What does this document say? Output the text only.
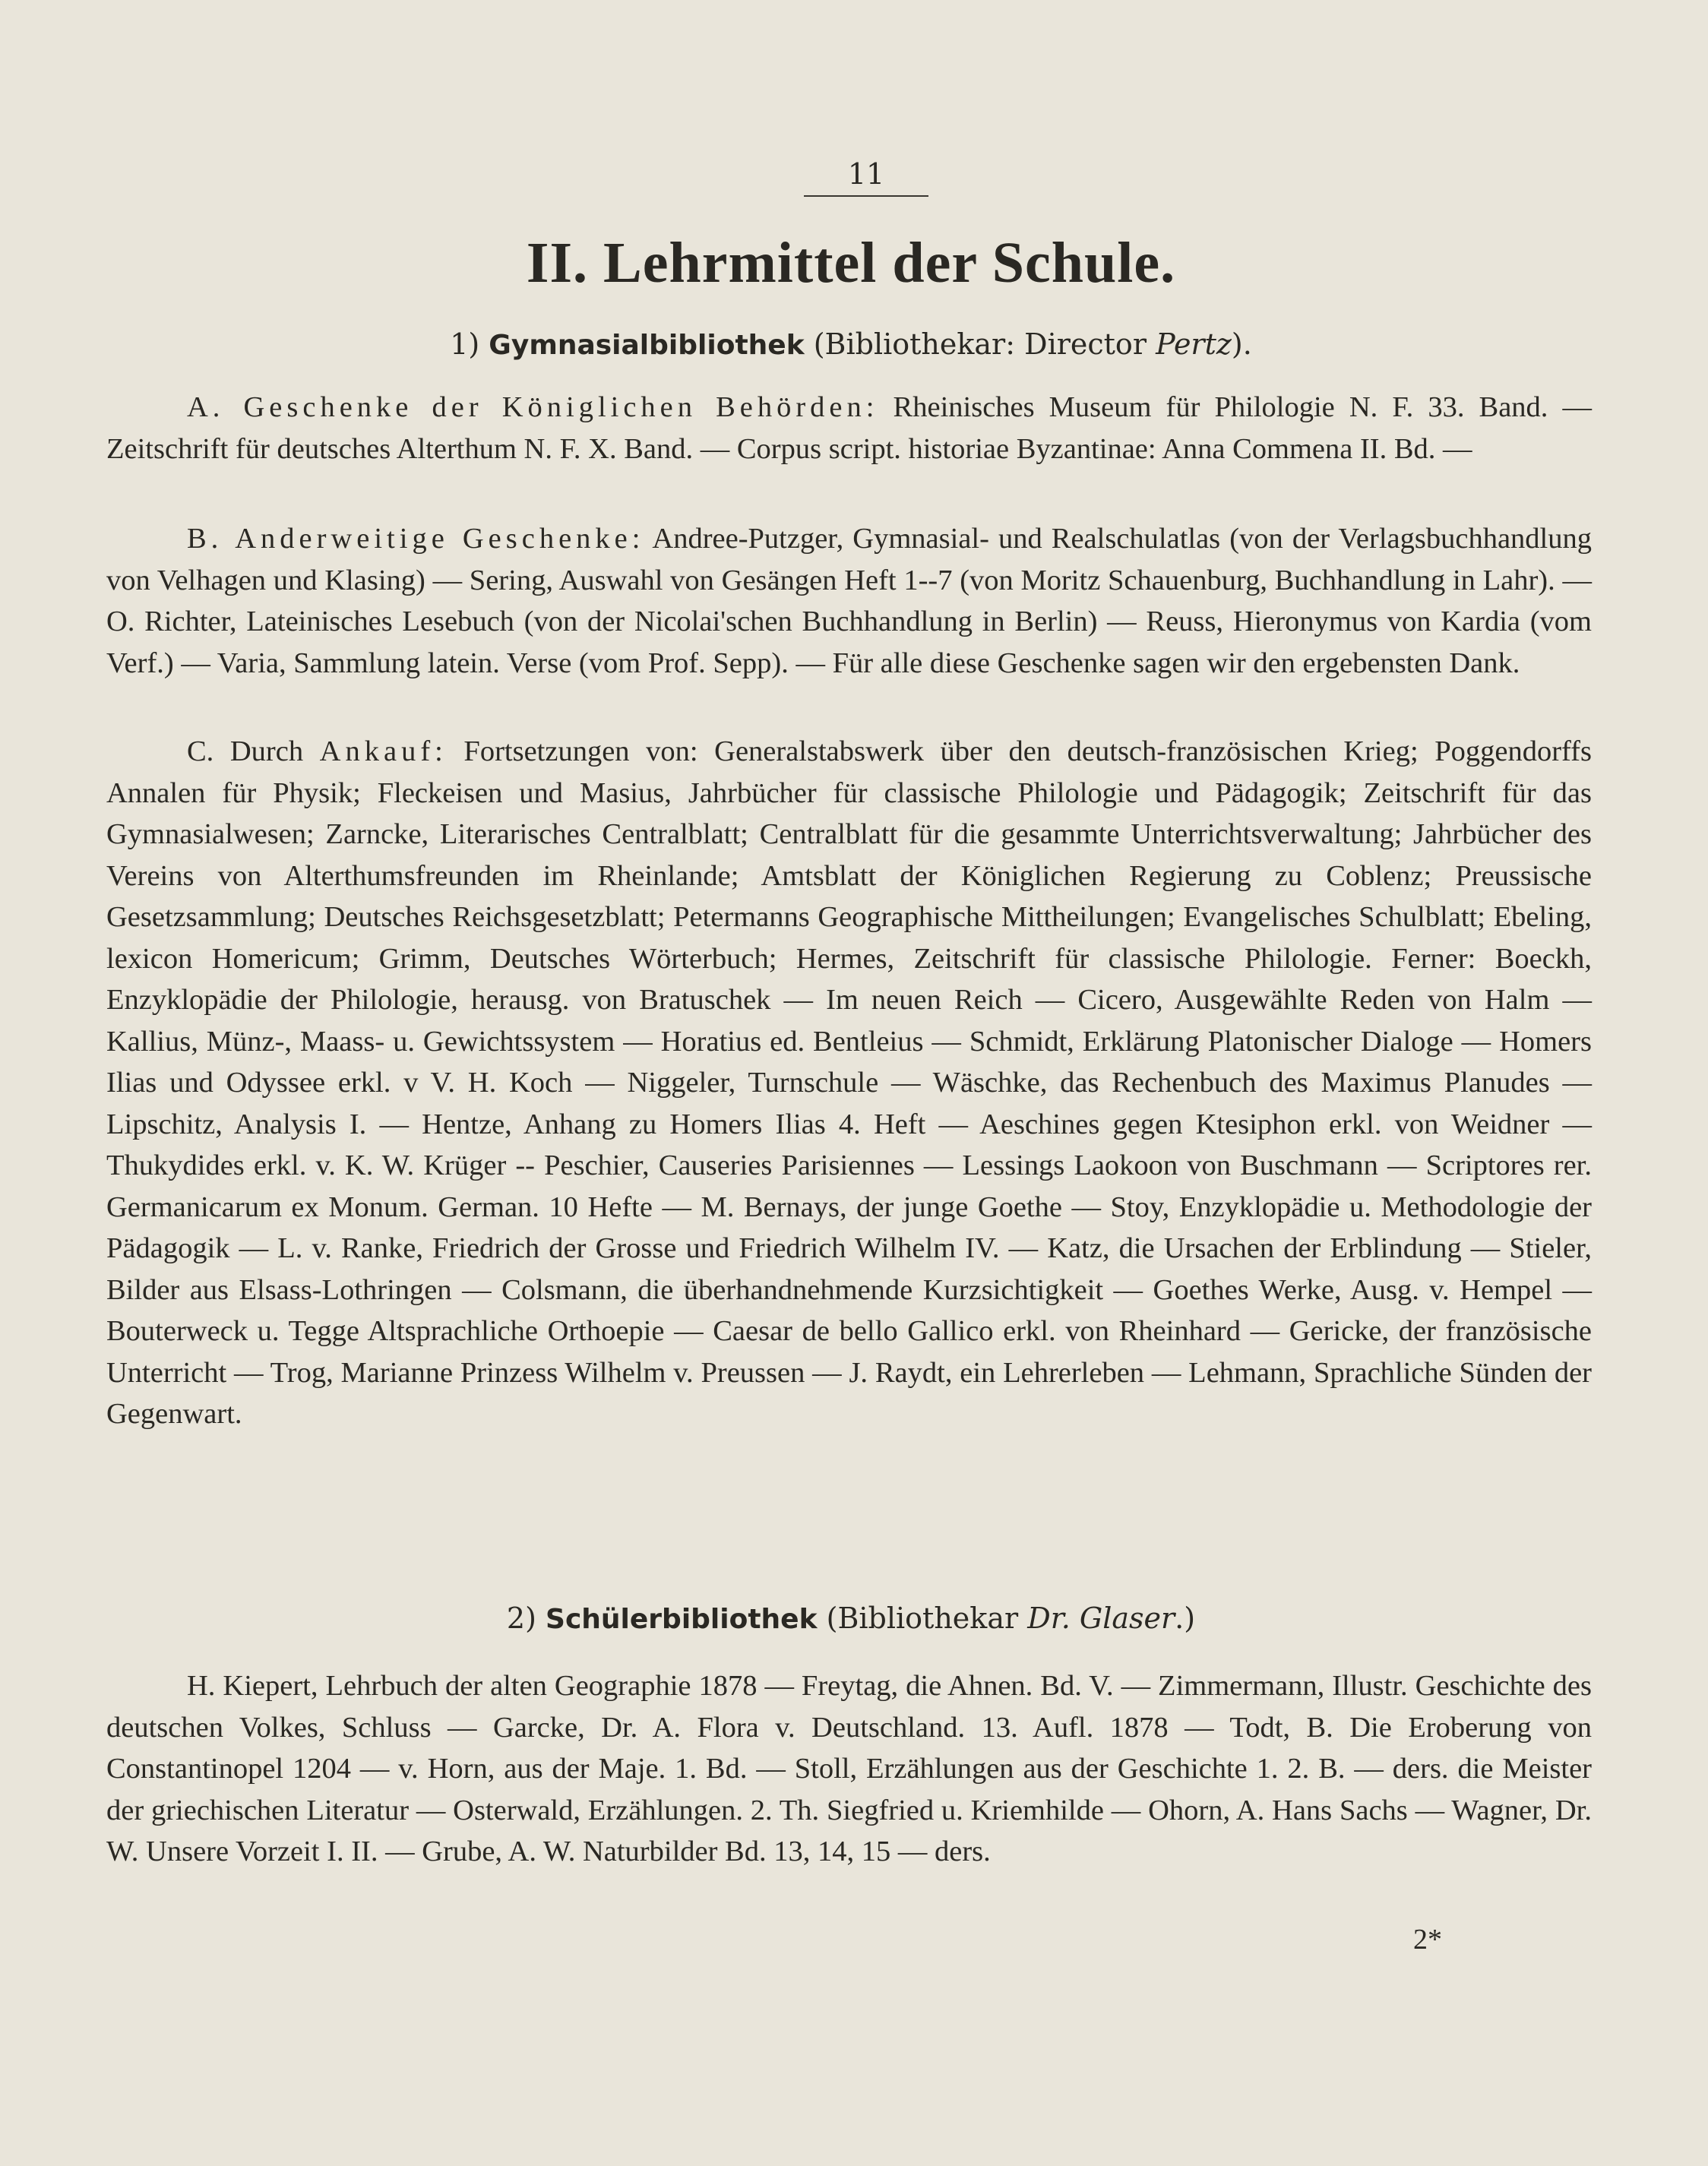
11
II. Lehrmittel der Schule.
1) Gymnasialbibliothek (Bibliothekar: Director Pertz).
A. Geschenke der Königlichen Behörden: Rheinisches Museum für Philologie N. F. 33. Band. — Zeitschrift für deutsches Alterthum N. F. X. Band. — Corpus script. historiae Byzantinae: Anna Commena II. Bd. —
B. Anderweitige Geschenke: Andree-Putzger, Gymnasial- und Realschulatlas (von der Verlagsbuchhandlung von Velhagen und Klasing) — Sering, Auswahl von Gesängen Heft 1--7 (von Moritz Schauenburg, Buchhandlung in Lahr). — O. Richter, Lateinisches Lesebuch (von der Nicolai'schen Buchhandlung in Berlin) — Reuss, Hieronymus von Kardia (vom Verf.) — Varia, Sammlung latein. Verse (vom Prof. Sepp). — Für alle diese Geschenke sagen wir den ergebensten Dank.
C. Durch Ankauf: Fortsetzungen von: Generalstabswerk über den deutsch-französischen Krieg; Poggendorffs Annalen für Physik; Fleckeisen und Masius, Jahrbücher für classische Philologie und Pädagogik; Zeitschrift für das Gymnasialwesen; Zarncke, Literarisches Centralblatt; Centralblatt für die gesammte Unterrichtsverwaltung; Jahrbücher des Vereins von Alterthumsfreunden im Rheinlande; Amtsblatt der Königlichen Regierung zu Coblenz; Preussische Gesetzsammlung; Deutsches Reichsgesetzblatt; Petermanns Geographische Mittheilungen; Evangelisches Schulblatt; Ebeling, lexicon Homericum; Grimm, Deutsches Wörterbuch; Hermes, Zeitschrift für classische Philologie. Ferner: Boeckh, Enzyklopädie der Philologie, herausg. von Bratuschek — Im neuen Reich — Cicero, Ausgewählte Reden von Halm — Kallius, Münz-, Maass- u. Gewichtssystem — Horatius ed. Bentleius — Schmidt, Erklärung Platonischer Dialoge — Homers Ilias und Odyssee erkl. v V. H. Koch — Niggeler, Turnschule — Wäschke, das Rechenbuch des Maximus Planudes — Lipschitz, Analysis I. — Hentze, Anhang zu Homers Ilias 4. Heft — Aeschines gegen Ktesiphon erkl. von Weidner — Thukydides erkl. v. K. W. Krüger -- Peschier, Causeries Parisiennes — Lessings Laokoon von Buschmann — Scriptores rer. Germanicarum ex Monum. German. 10 Hefte — M. Bernays, der junge Goethe — Stoy, Enzyklopädie u. Methodologie der Pädagogik — L. v. Ranke, Friedrich der Grosse und Friedrich Wilhelm IV. — Katz, die Ursachen der Erblindung — Stieler, Bilder aus Elsass-Lothringen — Colsmann, die überhandnehmende Kurzsichtigkeit — Goethes Werke, Ausg. v. Hempel — Bouterweck u. Tegge Altsprachliche Orthoepie — Caesar de bello Gallico erkl. von Rheinhard — Gericke, der französische Unterricht — Trog, Marianne Prinzess Wilhelm v. Preussen — J. Raydt, ein Lehrerleben — Lehmann, Sprachliche Sünden der Gegenwart.
2) Schülerbibliothek (Bibliothekar Dr. Glaser.)
H. Kiepert, Lehrbuch der alten Geographie 1878 — Freytag, die Ahnen. Bd. V. — Zimmermann, Illustr. Geschichte des deutschen Volkes, Schluss — Garcke, Dr. A. Flora v. Deutschland. 13. Aufl. 1878 — Todt, B. Die Eroberung von Constantinopel 1204 — v. Horn, aus der Maje. 1. Bd. — Stoll, Erzählungen aus der Geschichte 1. 2. B. — ders. die Meister der griechischen Literatur — Osterwald, Erzählungen. 2. Th. Siegfried u. Kriemhilde — Ohorn, A. Hans Sachs — Wagner, Dr. W. Unsere Vorzeit I. II. — Grube, A. W. Naturbilder Bd. 13, 14, 15 — ders.
2*
